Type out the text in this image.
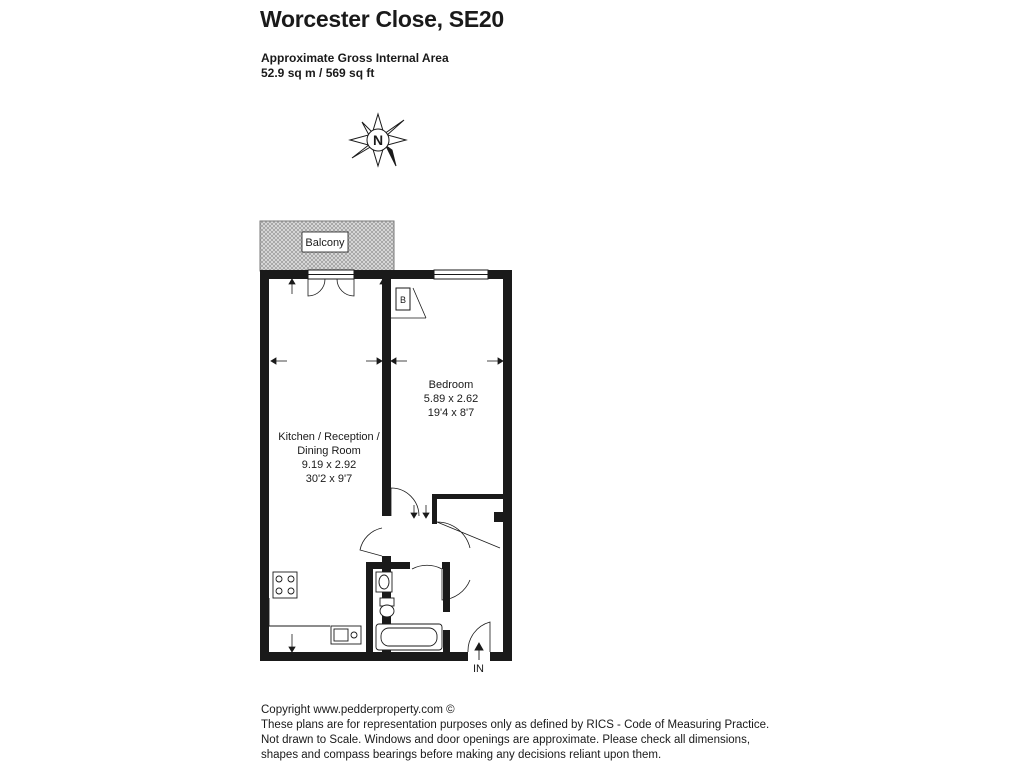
Worcester Close, SE20
Approximate Gross Internal Area
52.9 sq m / 569 sq ft
N
Balcony
B
Bedroom
5.89 x 2.62
19'4 x 8'7
Kitchen / Reception /
Dining Room
9.19 x 2.92
30'2 x 9'7
IN
Copyright www.pedderproperty.com ©
These plans are for representation purposes only as defined by RICS - Code of Measuring Practice.
Not drawn to Scale. Windows and door openings are approximate. Please check all dimensions,
shapes and compass bearings before making any decisions reliant upon them.
